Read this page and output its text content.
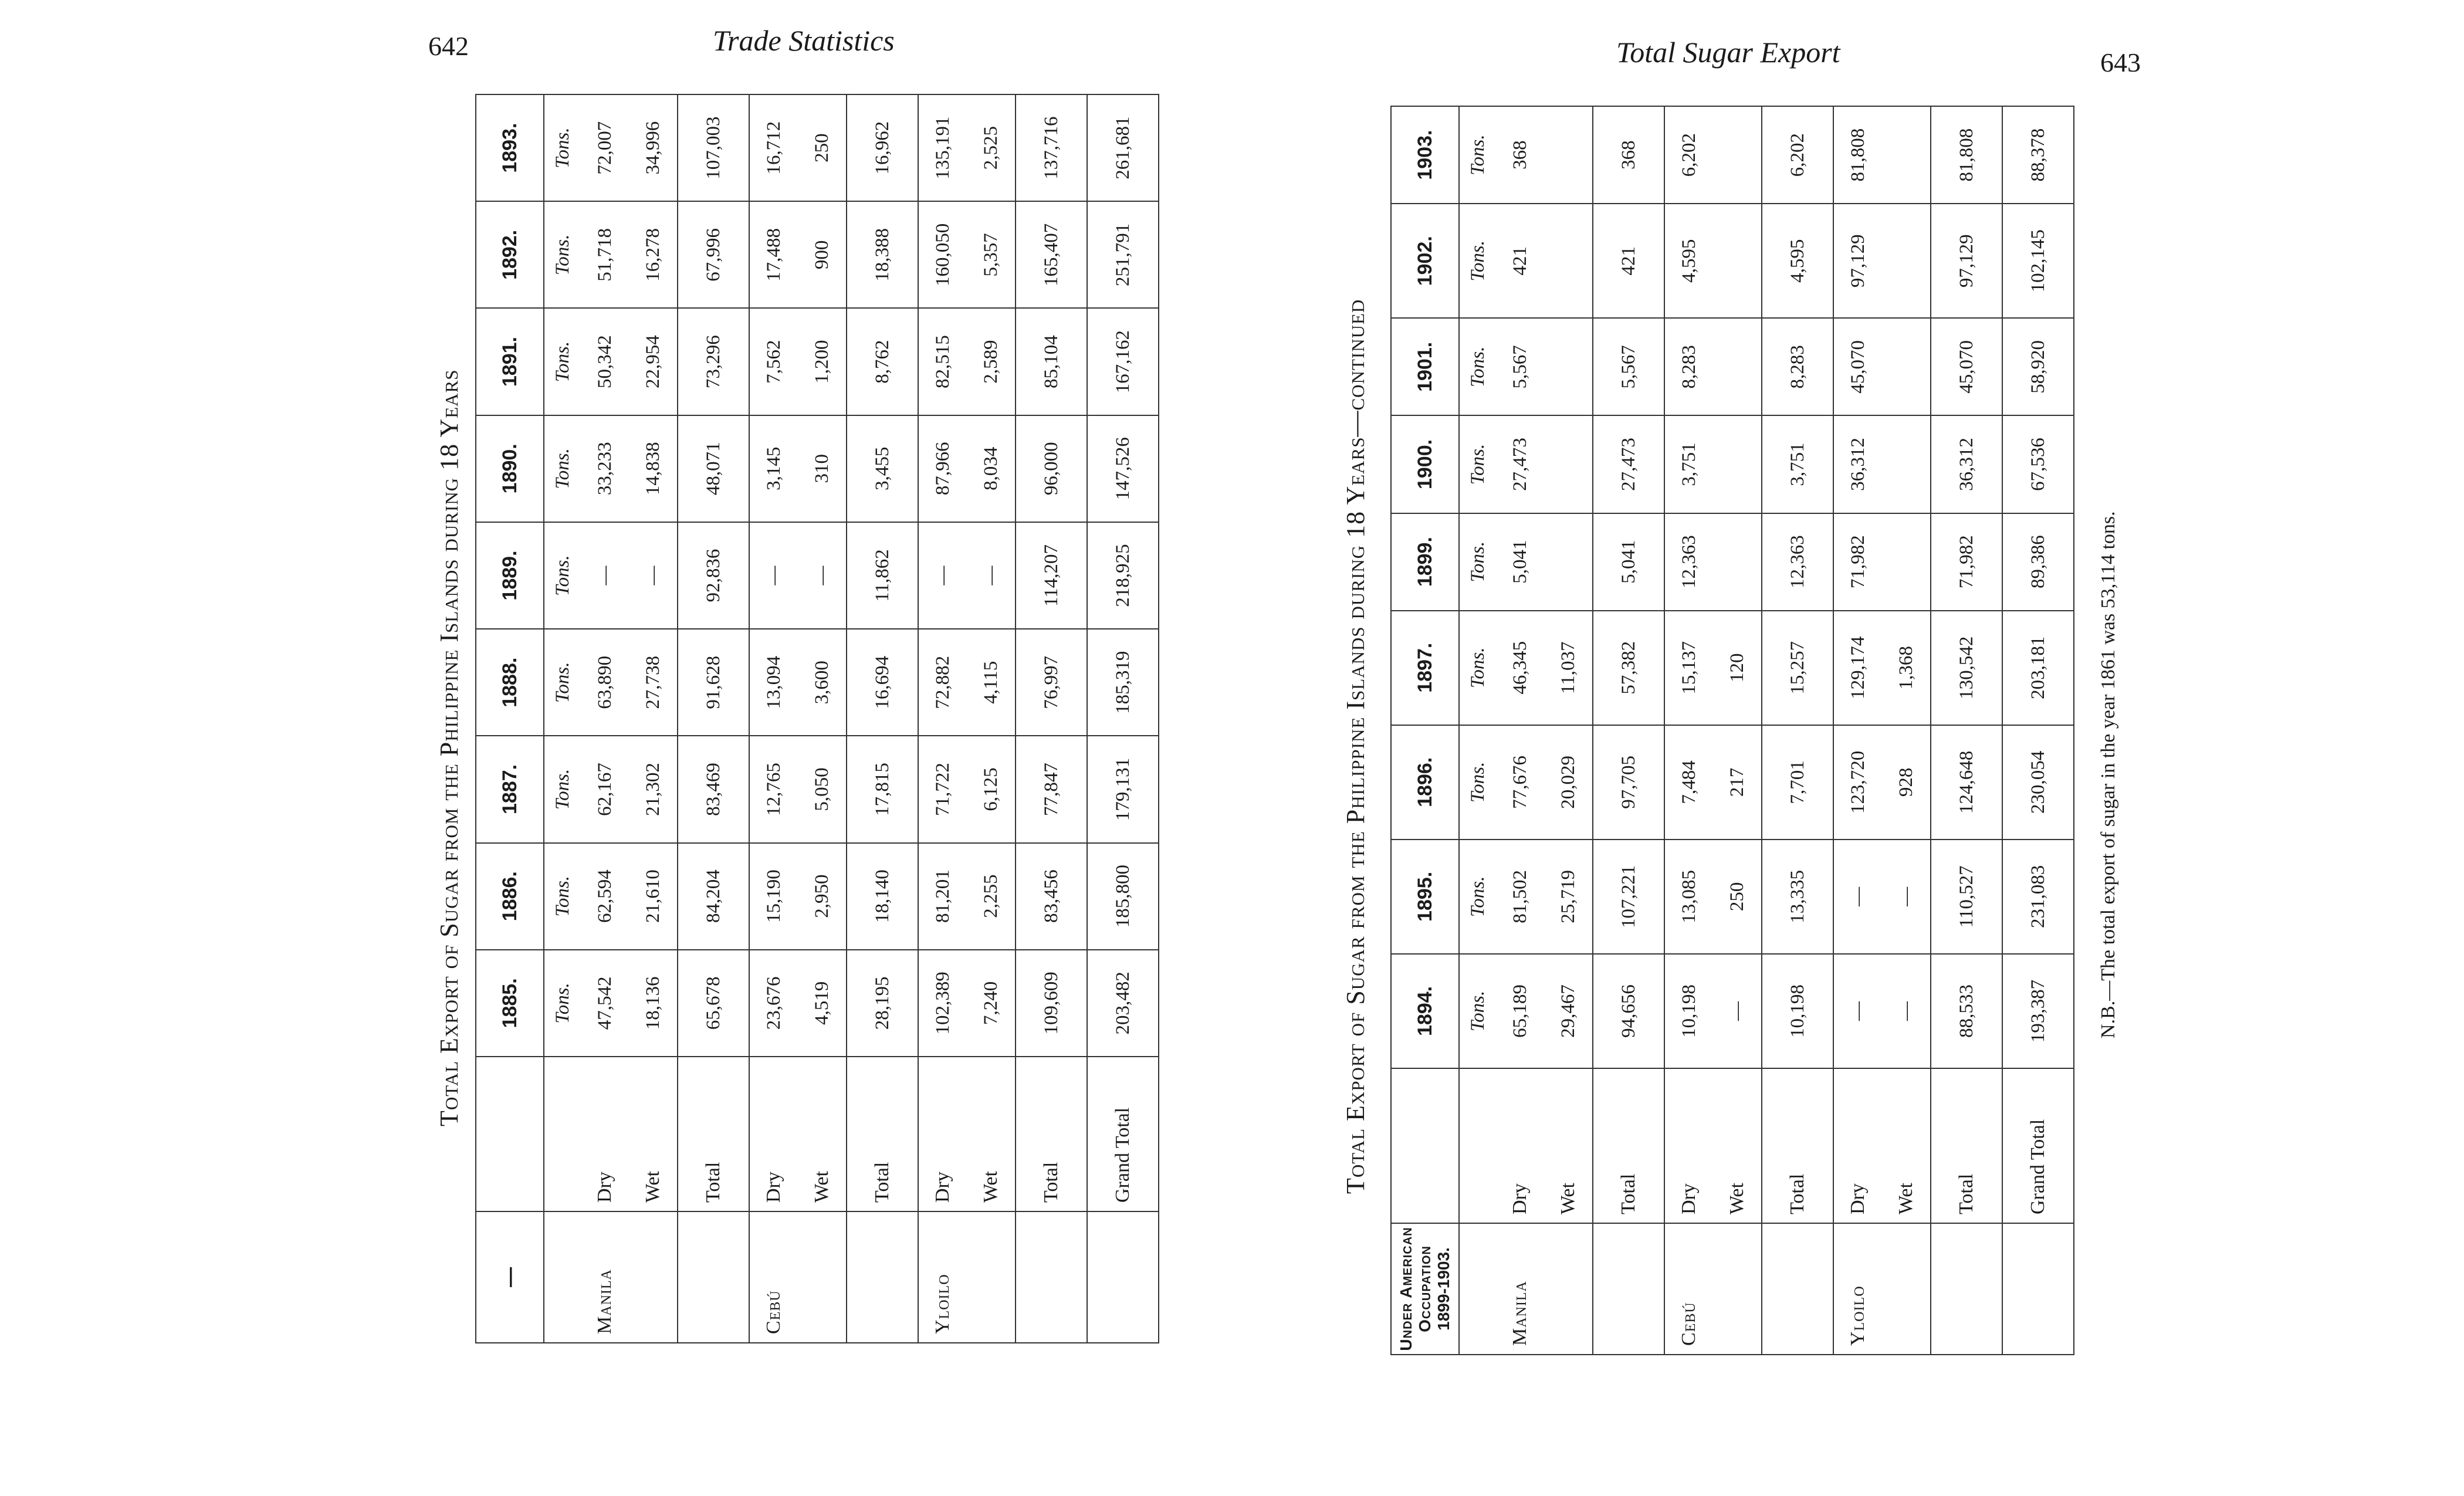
642	Trade Statistics	Total Sugar Export	643
Total Export of Sugar from the Philippine Islands during 18 Years
—		1885.	1886.	1887.	1888.	1889.	1890.	1891.	1892.	1893.
		Tons.	Tons.	Tons.	Tons.	Tons.	Tons.	Tons.	Tons.	Tons.
Manila	Dry	47,542	62,594	62,167	63,890	—	33,233	50,342	51,718	72,007
	Wet	18,136	21,610	21,302	27,738	—	14,838	22,954	16,278	34,996
	Total	65,678	84,204	83,469	91,628	92,836	48,071	73,296	67,996	107,003
Cebú	Dry	23,676	15,190	12,765	13,094	—	3,145	7,562	17,488	16,712
	Wet	4,519	2,950	5,050	3,600	—	310	1,200	900	250
	Total	28,195	18,140	17,815	16,694	11,862	3,455	8,762	18,388	16,962
Yloilo	Dry	102,389	81,201	71,722	72,882	—	87,966	82,515	160,050	135,191
	Wet	7,240	2,255	6,125	4,115	—	8,034	2,589	5,357	2,525
	Total	109,609	83,456	77,847	76,997	114,207	96,000	85,104	165,407	137,716
	Grand Total	203,482	185,800	179,131	185,319	218,925	147,526	167,162	251,791	261,681
Total Export of Sugar from the Philippine Islands during 18 Years—continued
Under American Occupation 1899-1903.		1894.	1895.	1896.	1897.	1899.	1900.	1901.	1902.	1903.
		Tons.	Tons.	Tons.	Tons.	Tons.	Tons.	Tons.	Tons.	Tons.
Manila	Dry	65,189	81,502	77,676	46,345	5,041	27,473	5,567	421	368
	Wet	29,467	25,719	20,029	11,037					
	Total	94,656	107,221	97,705	57,382	5,041	27,473	5,567	421	368
Cebú	Dry	10,198	13,085	7,484	15,137	12,363	3,751	8,283	4,595	6,202
	Wet	—	250	217	120					
	Total	10,198	13,335	7,701	15,257	12,363	3,751	8,283	4,595	6,202
Yloilo	Dry	—	—	123,720	129,174	71,982	36,312	45,070	97,129	81,808
	Wet	—	—	928	1,368					
	Total	88,533	110,527	124,648	130,542	71,982	36,312	45,070	97,129	81,808
	Grand Total	193,387	231,083	230,054	203,181	89,386	67,536	58,920	102,145	88,378
N.B.—The total export of sugar in the year 1861 was 53,114 tons.
